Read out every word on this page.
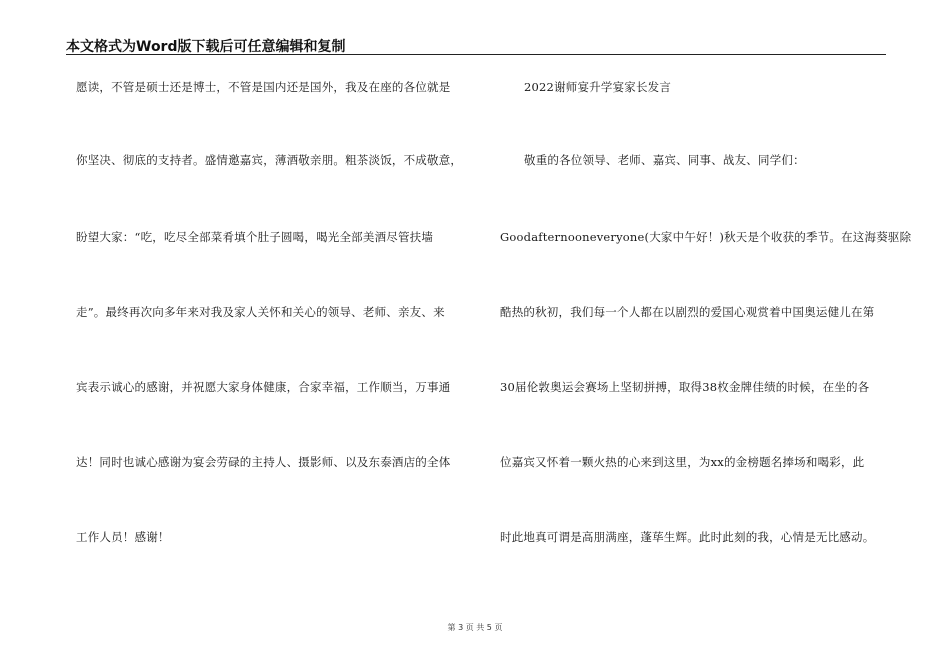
本文格式为Word版下载后可任意编辑和复制
愿读，不管是硕士还是博士，不管是国内还是国外，我及在座的各位就是
你坚决、彻底的支持者。盛情邀嘉宾，薄酒敬亲朋。粗茶淡饭，不成敬意，
盼望大家：“吃，吃尽全部菜肴填个肚子圆喝，喝光全部美酒尽管扶墙
走”。最终再次向多年来对我及家人关怀和关心的领导、老师、亲友、来
宾表示诚心的感谢，并祝愿大家身体健康，合家幸福，工作顺当，万事通
达！同时也诚心感谢为宴会劳碌的主持人、摄影师、以及东泰酒店的全体
工作人员！感谢！
2022谢师宴升学宴家长发言
敬重的各位领导、老师、嘉宾、同事、战友、同学们：
Goodafternooneveryone(大家中午好！)秋天是个收获的季节。在这海葵驱除
酷热的秋初，我们每一个人都在以剧烈的爱国心观赏着中国奥运健儿在第
30届伦敦奥运会赛场上坚韧拼搏，取得38枚金牌佳绩的时候，在坐的各
位嘉宾又怀着一颗火热的心来到这里，为xx的金榜题名捧场和喝彩，此
时此地真可谓是高朋满座，蓬荜生辉。此时此刻的我，心情是无比感动。
第 3 页 共 5 页
